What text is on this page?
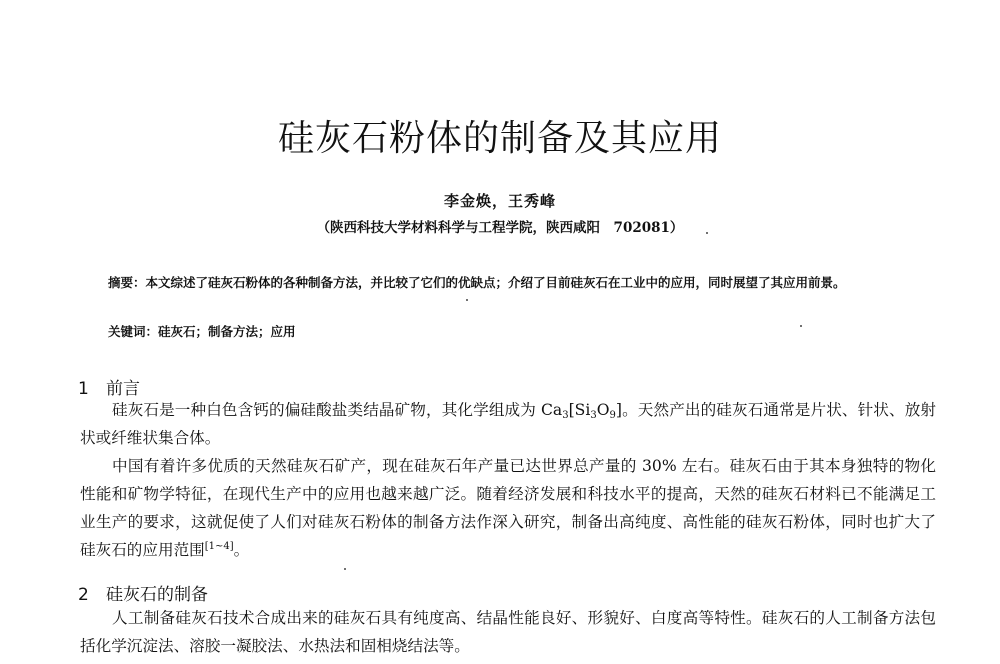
硅灰石粉体的制备及其应用
李金焕，王秀峰
（陕西科技大学材料科学与工程学院，陕西咸阳　702081）
摘要：本文综述了硅灰石粉体的各种制备方法，并比较了它们的优缺点；介绍了目前硅灰石在工业中的应用，同时展望了其应用前景。
关键词：硅灰石；制备方法；应用
1 前言

硅灰石是一种白色含钙的偏硅酸盐类结晶矿物，其化学组成为 $Ca_3[Si_3O_9]$。天然产出的硅灰石通常是片状、针状、放射状或纤维状集合体。

中国有着许多优质的天然硅灰石矿产，现在硅灰石年产量已达世界总产量的 30% 左右。硅灰石由于其本身独特的物化性能和矿物学特征，在现代生产中的应用也越来越广泛。随着经济发展和科技水平的提高，天然的硅灰石材料已不能满足工业生产的要求，这就促使了人们对硅灰石粉体的制备方法作深入研究，制备出高纯度、高性能的硅灰石粉体，同时也扩大了硅灰石的应用范围[1~4]。

2 硅灰石的制备

人工制备硅灰石技术合成出来的硅灰石具有纯度高、结晶性能良好、形貌好、白度高等特性。硅灰石的人工制备方法包括化学沉淀法、溶胶一凝胶法、水热法和固相烧结法等。
